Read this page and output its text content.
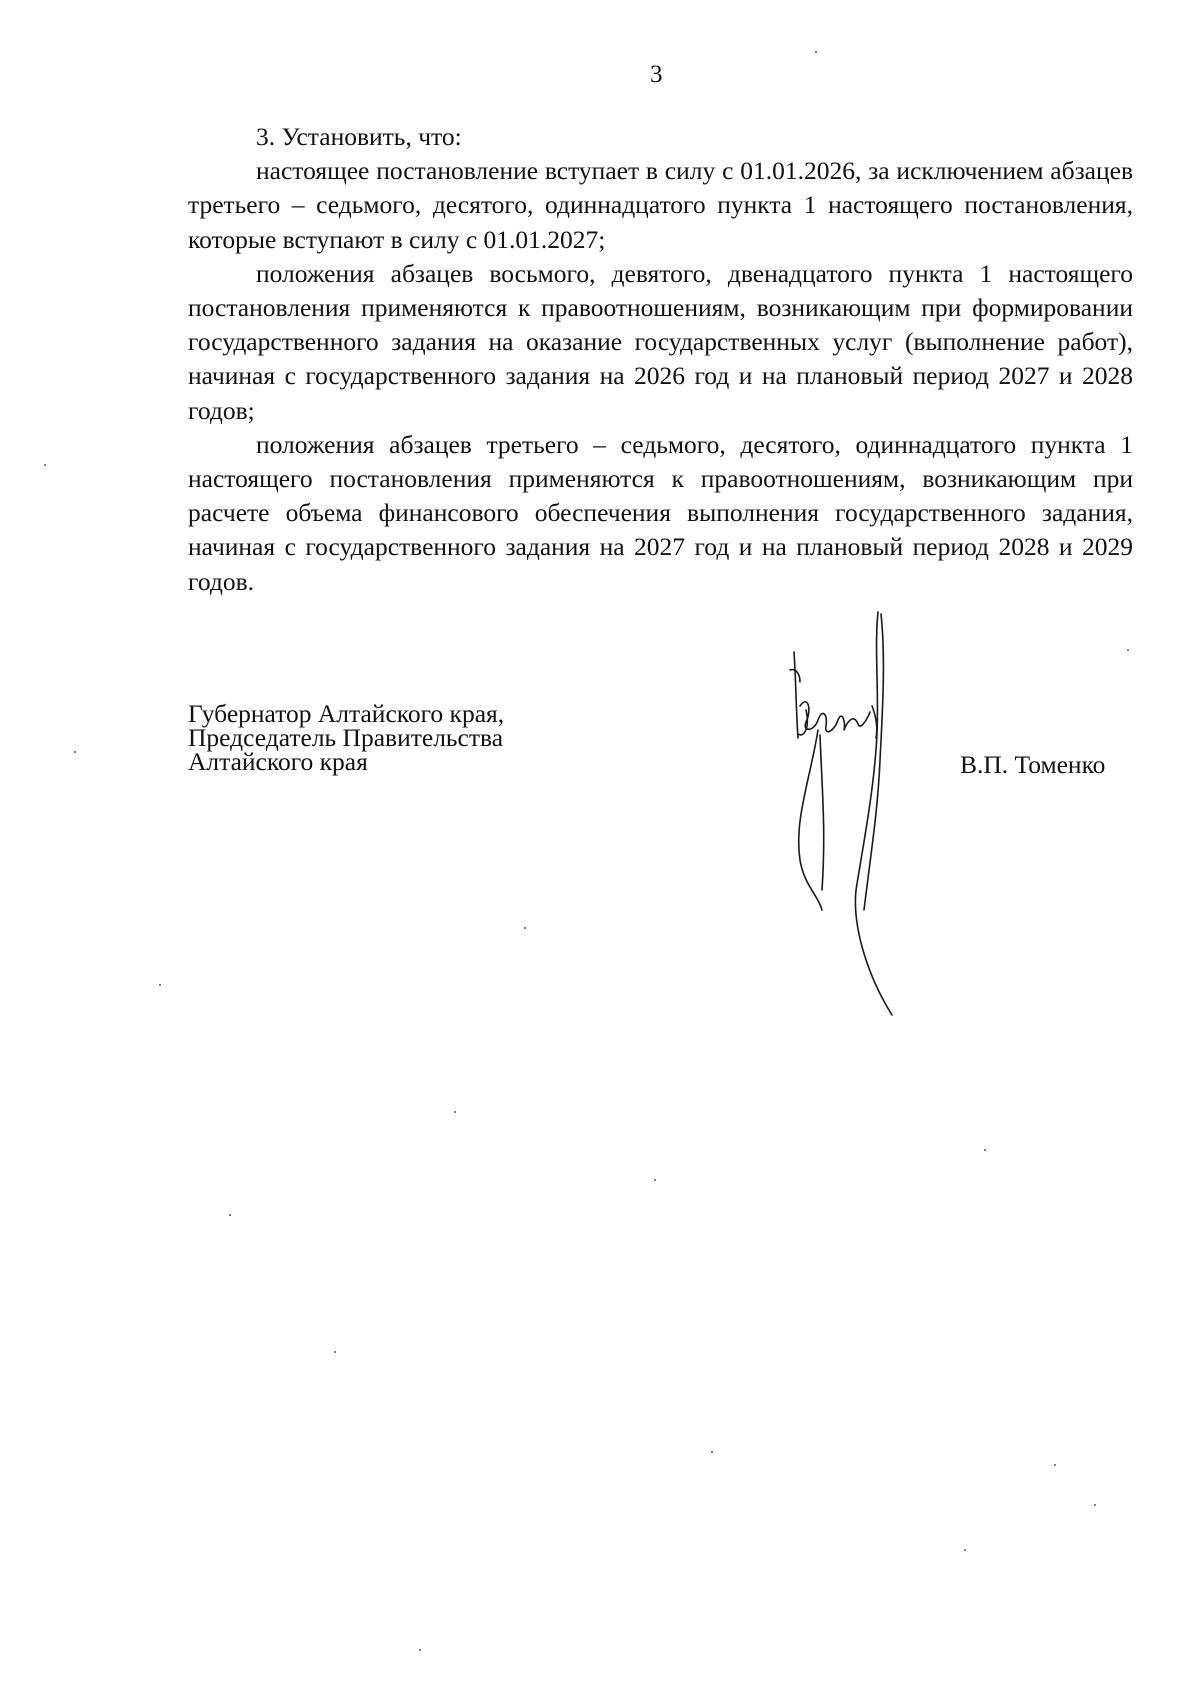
3

3. Установить, что:

настоящее постановление вступает в силу с 01.01.2026, за исключением абзацев третьего – седьмого, десятого, одиннадцатого пункта 1 настоящего постановления, которые вступают в силу с 01.01.2027;

положения абзацев восьмого, девятого, двенадцатого пункта 1 настоящего постановления применяются к правоотношениям, возникающим при формировании государственного задания на оказание государственных услуг (выполнение работ), начиная с государственного задания на 2026 год и на плановый период 2027 и 2028 годов;

положения абзацев третьего – седьмого, десятого, одиннадцатого пункта 1 настоящего постановления применяются к правоотношениям, возникающим при расчете объема финансового обеспечения выполнения государственного задания, начиная с государственного задания на 2027 год и на плановый период 2028 и 2029 годов.

Губернатор Алтайского края,
Председатель Правительства
Алтайского края	В.П. Томенко
